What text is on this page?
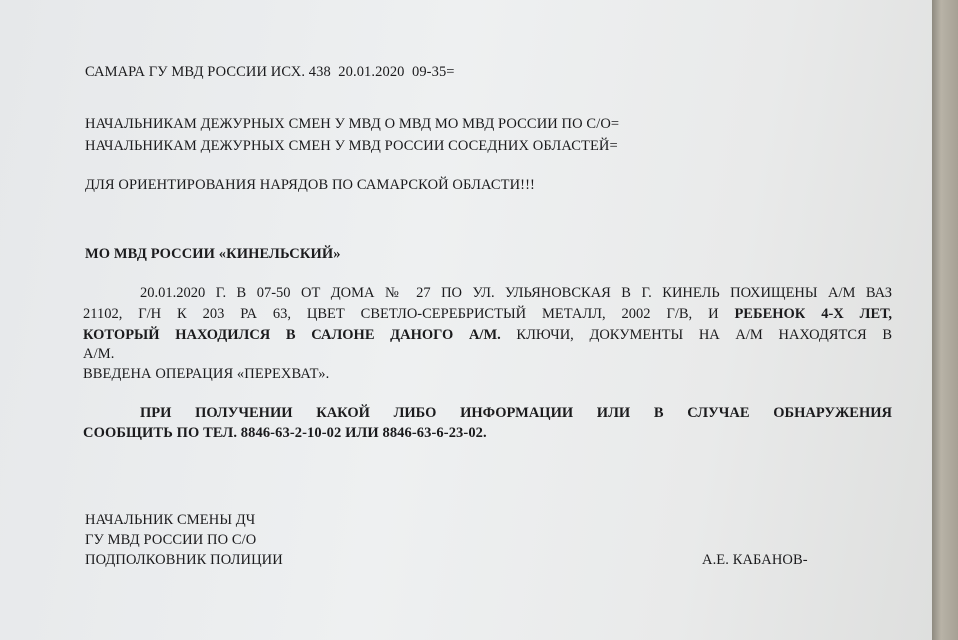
САМАРА ГУ МВД РОССИИ ИСХ. 438  20.01.2020  09-35=
НАЧАЛЬНИКАМ ДЕЖУРНЫХ СМЕН У МВД О МВД МО МВД РОССИИ ПО С/О=
НАЧАЛЬНИКАМ ДЕЖУРНЫХ СМЕН У МВД РОССИИ СОСЕДНИХ ОБЛАСТЕЙ=
ДЛЯ ОРИЕНТИРОВАНИЯ НАРЯДОВ ПО САМАРСКОЙ ОБЛАСТИ!!!
МО МВД РОССИИ «КИНЕЛЬСКИЙ»
20.01.2020 Г. В 07-50 ОТ ДОМА № 27 ПО УЛ. УЛЬЯНОВСКАЯ В Г. КИНЕЛЬ ПОХИЩЕНЫ А/М ВАЗ
21102, Г/Н К 203 РА 63, ЦВЕТ СВЕТЛО-СЕРЕБРИСТЫЙ МЕТАЛЛ, 2002 Г/В, И РЕБЕНОК 4-Х ЛЕТ,
КОТОРЫЙ НАХОДИЛСЯ В САЛОНЕ ДАНОГО А/М. КЛЮЧИ, ДОКУМЕНТЫ НА А/М НАХОДЯТСЯ В
А/М.
ВВЕДЕНА ОПЕРАЦИЯ «ПЕРЕХВАТ».
ПРИ ПОЛУЧЕНИИ КАКОЙ ЛИБО ИНФОРМАЦИИ ИЛИ В СЛУЧАЕ ОБНАРУЖЕНИЯ
СООБЩИТЬ ПО ТЕЛ. 8846-63-2-10-02 ИЛИ 8846-63-6-23-02.
НАЧАЛЬНИК СМЕНЫ ДЧ
ГУ МВД РОССИИ ПО С/О
ПОДПОЛКОВНИК ПОЛИЦИИ	А.Е. КАБАНОВ-
